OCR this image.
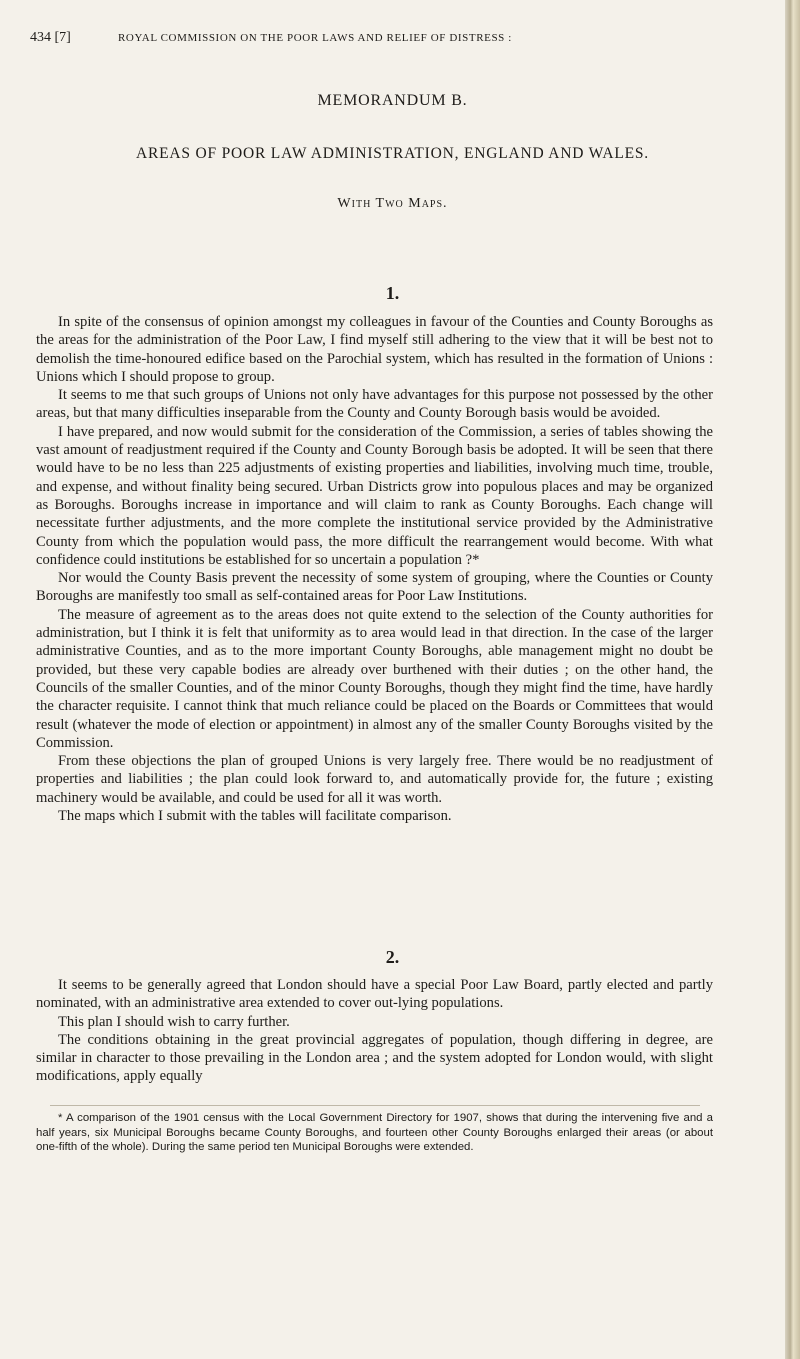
434 [7]	ROYAL COMMISSION ON THE POOR LAWS AND RELIEF OF DISTRESS :
MEMORANDUM B.
AREAS OF POOR LAW ADMINISTRATION, ENGLAND AND WALES.
With Two Maps.
1.

In spite of the consensus of opinion amongst my colleagues in favour of the Counties and County Boroughs as the areas for the administration of the Poor Law, I find myself still adhering to the view that it will be best not to demolish the time-honoured edifice based on the Parochial system, which has resulted in the formation of Unions : Unions which I should propose to group.

It seems to me that such groups of Unions not only have advantages for this purpose not possessed by the other areas, but that many difficulties inseparable from the County and County Borough basis would be avoided.

I have prepared, and now would submit for the consideration of the Commission, a series of tables showing the vast amount of readjustment required if the County and County Borough basis be adopted. It will be seen that there would have to be no less than 225 adjustments of existing properties and liabilities, involving much time, trouble, and expense, and without finality being secured. Urban Districts grow into populous places and may be organized as Boroughs. Boroughs increase in importance and will claim to rank as County Boroughs. Each change will necessitate further adjustments, and the more complete the institutional service provided by the Administrative County from which the population would pass, the more difficult the rearrangement would become. With what confidence could institutions be established for so uncertain a population ?*

Nor would the County Basis prevent the necessity of some system of grouping, where the Counties or County Boroughs are manifestly too small as self-contained areas for Poor Law Institutions.

The measure of agreement as to the areas does not quite extend to the selection of the County authorities for administration, but I think it is felt that uniformity as to area would lead in that direction. In the case of the larger administrative Counties, and as to the more important County Boroughs, able management might no doubt be provided, but these very capable bodies are already over burthened with their duties ; on the other hand, the Councils of the smaller Counties, and of the minor County Boroughs, though they might find the time, have hardly the character requisite. I cannot think that much reliance could be placed on the Boards or Committees that would result (whatever the mode of election or appointment) in almost any of the smaller County Boroughs visited by the Commission.

From these objections the plan of grouped Unions is very largely free. There would be no readjustment of properties and liabilities ; the plan could look forward to, and automatically provide for, the future ; existing machinery would be available, and could be used for all it was worth.

The maps which I submit with the tables will facilitate comparison.

2.

It seems to be generally agreed that London should have a special Poor Law Board, partly elected and partly nominated, with an administrative area extended to cover out-lying populations.

This plan I should wish to carry further.

The conditions obtaining in the great provincial aggregates of population, though differing in degree, are similar in character to those prevailing in the London area ; and the system adopted for London would, with slight modifications, apply equally

* A comparison of the 1901 census with the Local Government Directory for 1907, shows that during the intervening five and a half years, six Municipal Boroughs became County Boroughs, and fourteen other County Boroughs enlarged their areas (or about one-fifth of the whole). During the same period ten Municipal Boroughs were extended.
